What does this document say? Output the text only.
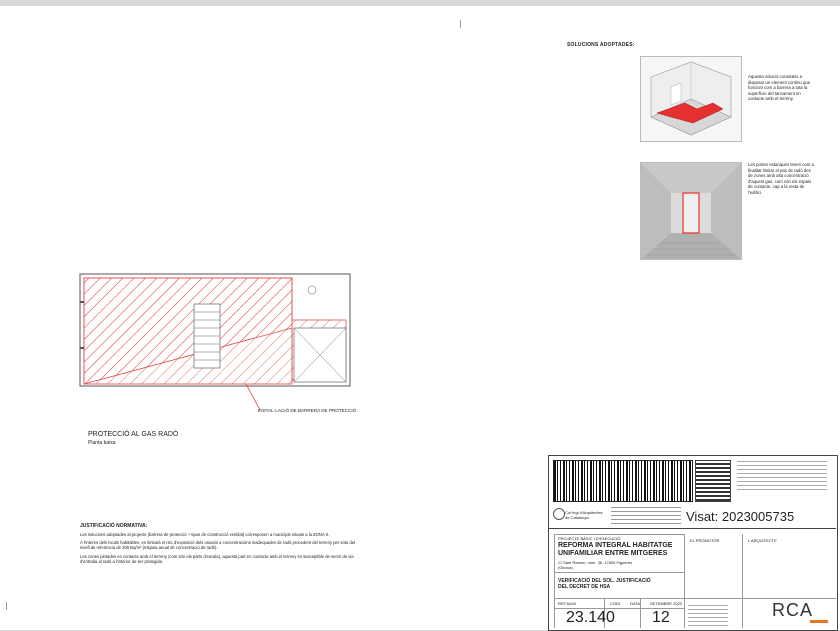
SOLUCIONS ADOPTADES:
Aquesta solució consisteix a disposar un element continu que funcioni com a barrera a tota la superfície del tancament en contacte amb el terreny.
Les portes estanques tenen com a finalitat limitar el pas de radó des de zones amb alta concentració d'aquest gas, com són els espais de contacte, cap a la resta de l'edifici.
INSTAL·LACIÓ DE BARRERA DE PROTECCIÓ
PROTECCIÓ AL GAS RADÓ
Planta baixa
JUSTIFICACIÓ NORMATIVA:

Les solucions adoptades al projecte (barrera de protecció + tipus de construcció ventilat) corresponen a municipis situats a la ZONA II.

A l'interior dels locals habitables, es limitarà el risc d'exposició dels usuaris a concentracions inadequades de radó procedent del terreny per sota del nivell de referència de 300 Bq/m³ (mitjana anual de concentració de radó).

Les zones pintades en contacte amb el terreny (com són els parts d'escala), aquesta part en contacte amb el terreny és susceptible de servir de via d'entrada al radó a l'interior de ser protegida.

Col·legi d'Arquitectes de Catalunya	Visat: 2023005735
PROJECTE BÀSIC I D'EXECUCIÓ
REFORMA INTEGRAL HABITATGE UNIFAMILIAR ENTRE MITGERES
C/ Sant Ramon, núm. 36, 17600 Figueres (Girona)
EL PROMOTOR	L'ARQUITECTE
VERIFICACIÓ DEL SOL. JUSTIFICACIÓ DEL DECRET DE HSA
REF.NUM	CODI	DATA SETEMBRE 2023
23.140 12	RCA
